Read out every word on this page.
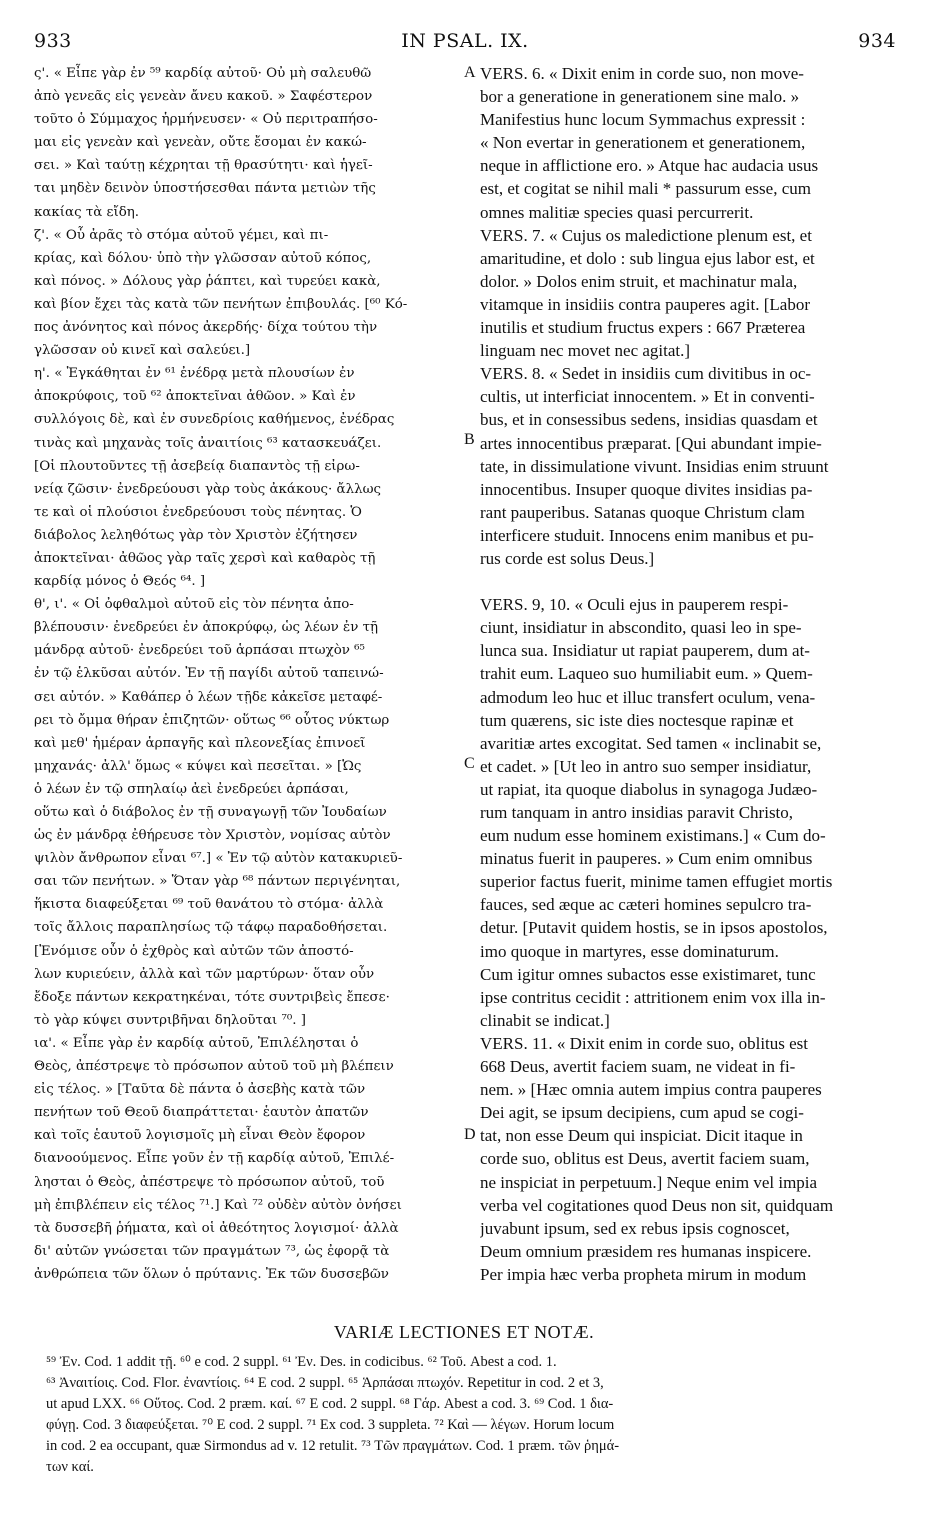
933	IN PSAL. IX.	934
ς'. « Εἶπε γὰρ ἐν ⁵⁹ καρδίᾳ αὐτοῦ· Οὐ μὴ σαλευθῶ
ἀπὸ γενεᾶς εἰς γενεὰν ἄνευ κακοῦ. » Σαφέστερον
τοῦτο ὁ Σύμμαχος ἡρμήνευσεν· « Οὐ περιτραπήσο-
μαι εἰς γενεὰν καὶ γενεὰν, οὔτε ἔσομαι ἐν κακώ-
σει. » Καὶ ταύτῃ κέχρηται τῇ θρασύτητι· καὶ ἡγεῖ-
ται μηδὲν δεινὸν ὑποστήσεσθαι πάντα μετιὼν τῆς
κακίας τὰ εἴδη.
ζ'. « Οὗ ἀρᾶς τὸ στόμα αὐτοῦ γέμει, καὶ πι-
κρίας, καὶ δόλου· ὑπὸ τὴν γλῶσσαν αὐτοῦ κόπος,
καὶ πόνος. » Δόλους γὰρ ῥάπτει, καὶ τυρεύει κακὰ,
καὶ βίον ἔχει τὰς κατὰ τῶν πενήτων ἐπιβουλάς. [⁶⁰ Κό-
πος ἀνόνητος καὶ πόνος ἀκερδής· δίχα τούτου τὴν
γλῶσσαν οὐ κινεῖ καὶ σαλεύει.]
η'. « Ἐγκάθηται ἐν ⁶¹ ἐνέδρᾳ μετὰ πλουσίων ἐν
ἀποκρύφοις, τοῦ ⁶² ἀποκτεῖναι ἀθῶον. » Καὶ ἐν
συλλόγοις δὲ, καὶ ἐν συνεδρίοις καθήμενος, ἐνέδρας
τινὰς καὶ μηχανὰς τοῖς ἀναιτίοις ⁶³ κατασκευάζει.
[Οἱ πλουτοῦντες τῇ ἀσεβείᾳ διαπαντὸς τῇ εἰρω-
νείᾳ ζῶσιν· ἐνεδρεύουσι γὰρ τοὺς ἀκάκους· ἄλλως
τε καὶ οἱ πλούσιοι ἐνεδρεύουσι τοὺς πένητας. Ὁ
διάβολος λεληθότως γὰρ τὸν Χριστὸν ἐζήτησεν
ἀποκτεῖναι· ἀθῶος γὰρ ταῖς χερσὶ καὶ καθαρὸς τῇ
καρδίᾳ μόνος ὁ Θεός ⁶⁴. ]
θ', ι'. « Οἱ ὀφθαλμοὶ αὐτοῦ εἰς τὸν πένητα ἀπο-
βλέπουσιν· ἐνεδρεύει ἐν ἀποκρύφῳ, ὡς λέων ἐν τῇ
μάνδρᾳ αὐτοῦ· ἐνεδρεύει τοῦ ἁρπάσαι πτωχὸν ⁶⁵
ἐν τῷ ἑλκῦσαι αὐτόν. Ἐν τῇ παγίδι αὐτοῦ ταπεινώ-
σει αὐτόν. » Καθάπερ ὁ λέων τῇδε κἀκεῖσε μεταφέ-
ρει τὸ ὄμμα θήραν ἐπιζητῶν· οὕτως ⁶⁶ οὗτος νύκτωρ
καὶ μεθ' ἡμέραν ἁρπαγῆς καὶ πλεονεξίας ἐπινοεῖ
μηχανάς· ἀλλ' ὅμως « κύψει καὶ πεσεῖται. » [Ὡς
ὁ λέων ἐν τῷ σπηλαίῳ ἀεὶ ἐνεδρεύει ἁρπάσαι,
οὕτω καὶ ὁ διάβολος ἐν τῇ συναγωγῇ τῶν Ἰουδαίων
ὡς ἐν μάνδρᾳ ἐθήρευσε τὸν Χριστὸν, νομίσας αὐτὸν
ψιλὸν ἄνθρωπον εἶναι ⁶⁷.] « Ἐν τῷ αὐτὸν κατακυριεῦ-
σαι τῶν πενήτων. » Ὅταν γὰρ ⁶⁸ πάντων περιγένηται,
ἥκιστα διαφεύξεται ⁶⁹ τοῦ θανάτου τὸ στόμα· ἀλλὰ
τοῖς ἄλλοις παραπλησίως τῷ τάφῳ παραδοθήσεται.
[Ἐνόμισε οὖν ὁ ἐχθρὸς καὶ αὐτῶν τῶν ἀποστό-
λων κυριεύειν, ἀλλὰ καὶ τῶν μαρτύρων· ὅταν οὖν
ἔδοξε πάντων κεκρατηκέναι, τότε συντριβεὶς ἔπεσε·
τὸ γὰρ κύψει συντριβῆναι δηλοῦται ⁷⁰. ]
ια'. « Εἶπε γὰρ ἐν καρδίᾳ αὐτοῦ, Ἐπιλέλησται ὁ
Θεὸς, ἀπέστρεψε τὸ πρόσωπον αὐτοῦ τοῦ μὴ βλέπειν
εἰς τέλος. » [Ταῦτα δὲ πάντα ὁ ἀσεβὴς κατὰ τῶν
πενήτων τοῦ Θεοῦ διαπράττεται· ἑαυτὸν ἀπατῶν
καὶ τοῖς ἑαυτοῦ λογισμοῖς μὴ εἶναι Θεὸν ἔφορον
διανοούμενος. Εἶπε γοῦν ἐν τῇ καρδίᾳ αὐτοῦ, Ἐπιλέ-
λησται ὁ Θεὸς, ἀπέστρεψε τὸ πρόσωπον αὐτοῦ, τοῦ
μὴ ἐπιβλέπειν εἰς τέλος ⁷¹.] Καὶ ⁷² οὐδὲν αὐτὸν ὀνήσει
τὰ δυσσεβῆ ῥήματα, καὶ οἱ ἀθεότητος λογισμοί· ἀλλὰ
δι' αὐτῶν γνώσεται τῶν πραγμάτων ⁷³, ὡς ἐφορᾷ τὰ
ἀνθρώπεια τῶν ὅλων ὁ πρύτανις. Ἐκ τῶν δυσσεβῶν
VERS. 6. « Dixit enim in corde suo, non move-
bor a generatione in generationem sine malo. »
Manifestius hunc locum Symmachus expressit :
« Non evertar in generationem et generationem,
neque in afflictione ero. » Atque hac audacia usus
est, et cogitat se nihil mali * passurum esse, cum
omnes malitiæ species quasi percurrerit.
VERS. 7. « Cujus os maledictione plenum est, et
amaritudine, et dolo : sub lingua ejus labor est, et
dolor. » Dolos enim struit, et machinatur mala,
vitamque in insidiis contra pauperes agit. [Labor
inutilis et studium fructus expers : 667 Præterea
linguam nec movet nec agitat.]
VERS. 8. « Sedet in insidiis cum divitibus in oc-
cultis, ut interficiat innocentem. » Et in conventi-
bus, et in consessibus sedens, insidias quasdam et
artes innocentibus præparat. [Qui abundant impie-
tate, in dissimulatione vivunt. Insidias enim struunt
innocentibus. Insuper quoque divites insidias pa-
rant pauperibus. Satanas quoque Christum clam
interficere studuit. Innocens enim manibus et pu-
rus corde est solus Deus.]
VERS. 9, 10. « Oculi ejus in pauperem respi-
ciunt, insidiatur in abscondito, quasi leo in spe-
lunca sua. Insidiatur ut rapiat pauperem, dum at-
trahit eum. Laqueo suo humiliabit eum. » Quem-
admodum leo huc et illuc transfert oculum, vena-
tum quærens, sic iste dies noctesque rapinæ et
avaritiæ artes excogitat. Sed tamen « inclinabit se,
et cadet. » [Ut leo in antro suo semper insidiatur,
ut rapiat, ita quoque diabolus in synagoga Judæo-
rum tanquam in antro insidias paravit Christo,
eum nudum esse hominem existimans.] « Cum do-
minatus fuerit in pauperes. » Cum enim omnibus
superior factus fuerit, minime tamen effugiet mortis
fauces, sed æque ac cæteri homines sepulcro tra-
detur. [Putavit quidem hostis, se in ipsos apostolos,
imo quoque in martyres, esse dominaturum.
Cum igitur omnes subactos esse existimaret, tunc
ipse contritus cecidit : attritionem enim vox illa in-
clinabit se indicat.]
VERS. 11. « Dixit enim in corde suo, oblitus est
668 Deus, avertit faciem suam, ne videat in fi-
nem. » [Hæc omnia autem impius contra pauperes
Dei agit, se ipsum decipiens, cum apud se cogi-
tat, non esse Deum qui inspiciat. Dicit itaque in
corde suo, oblitus est Deus, avertit faciem suam,
ne inspiciat in perpetuum.] Neque enim vel impia
verba vel cogitationes quod Deus non sit, quidquam
juvabunt ipsum, sed ex rebus ipsis cognoscet,
Deum omnium præsidem res humanas inspicere.
Per impia hæc verba propheta mirum in modum
A
B
C
D
VARIÆ LECTIONES ET NOTÆ.
⁵⁹ Ἐν. Cod. 1 addit τῇ. ⁶⁰ e cod. 2 suppl. ⁶¹ Ἐν. Des. in codicibus. ⁶² Τοῦ. Abest a cod. 1.
⁶³ Ἀναιτίοις. Cod. Flor. ἐναντίοις. ⁶⁴ E cod. 2 suppl. ⁶⁵ Ἁρπάσαι πτωχόν. Repetitur in cod. 2 et 3,
ut apud LXX. ⁶⁶ Οὕτος. Cod. 2 præm. καί. ⁶⁷ E cod. 2 suppl. ⁶⁸ Γάρ. Abest a cod. 3. ⁶⁹ Cod. 1 δια-
φύγῃ. Cod. 3 διαφεύξεται. ⁷⁰ E cod. 2 suppl. ⁷¹ Ex cod. 3 suppleta. ⁷² Καὶ — λέγων. Horum locum
in cod. 2 ea occupant, quæ Sirmondus ad v. 12 retulit. ⁷³ Τῶν πραγμάτων. Cod. 1 præm. τῶν ῥημά-
των καί.
